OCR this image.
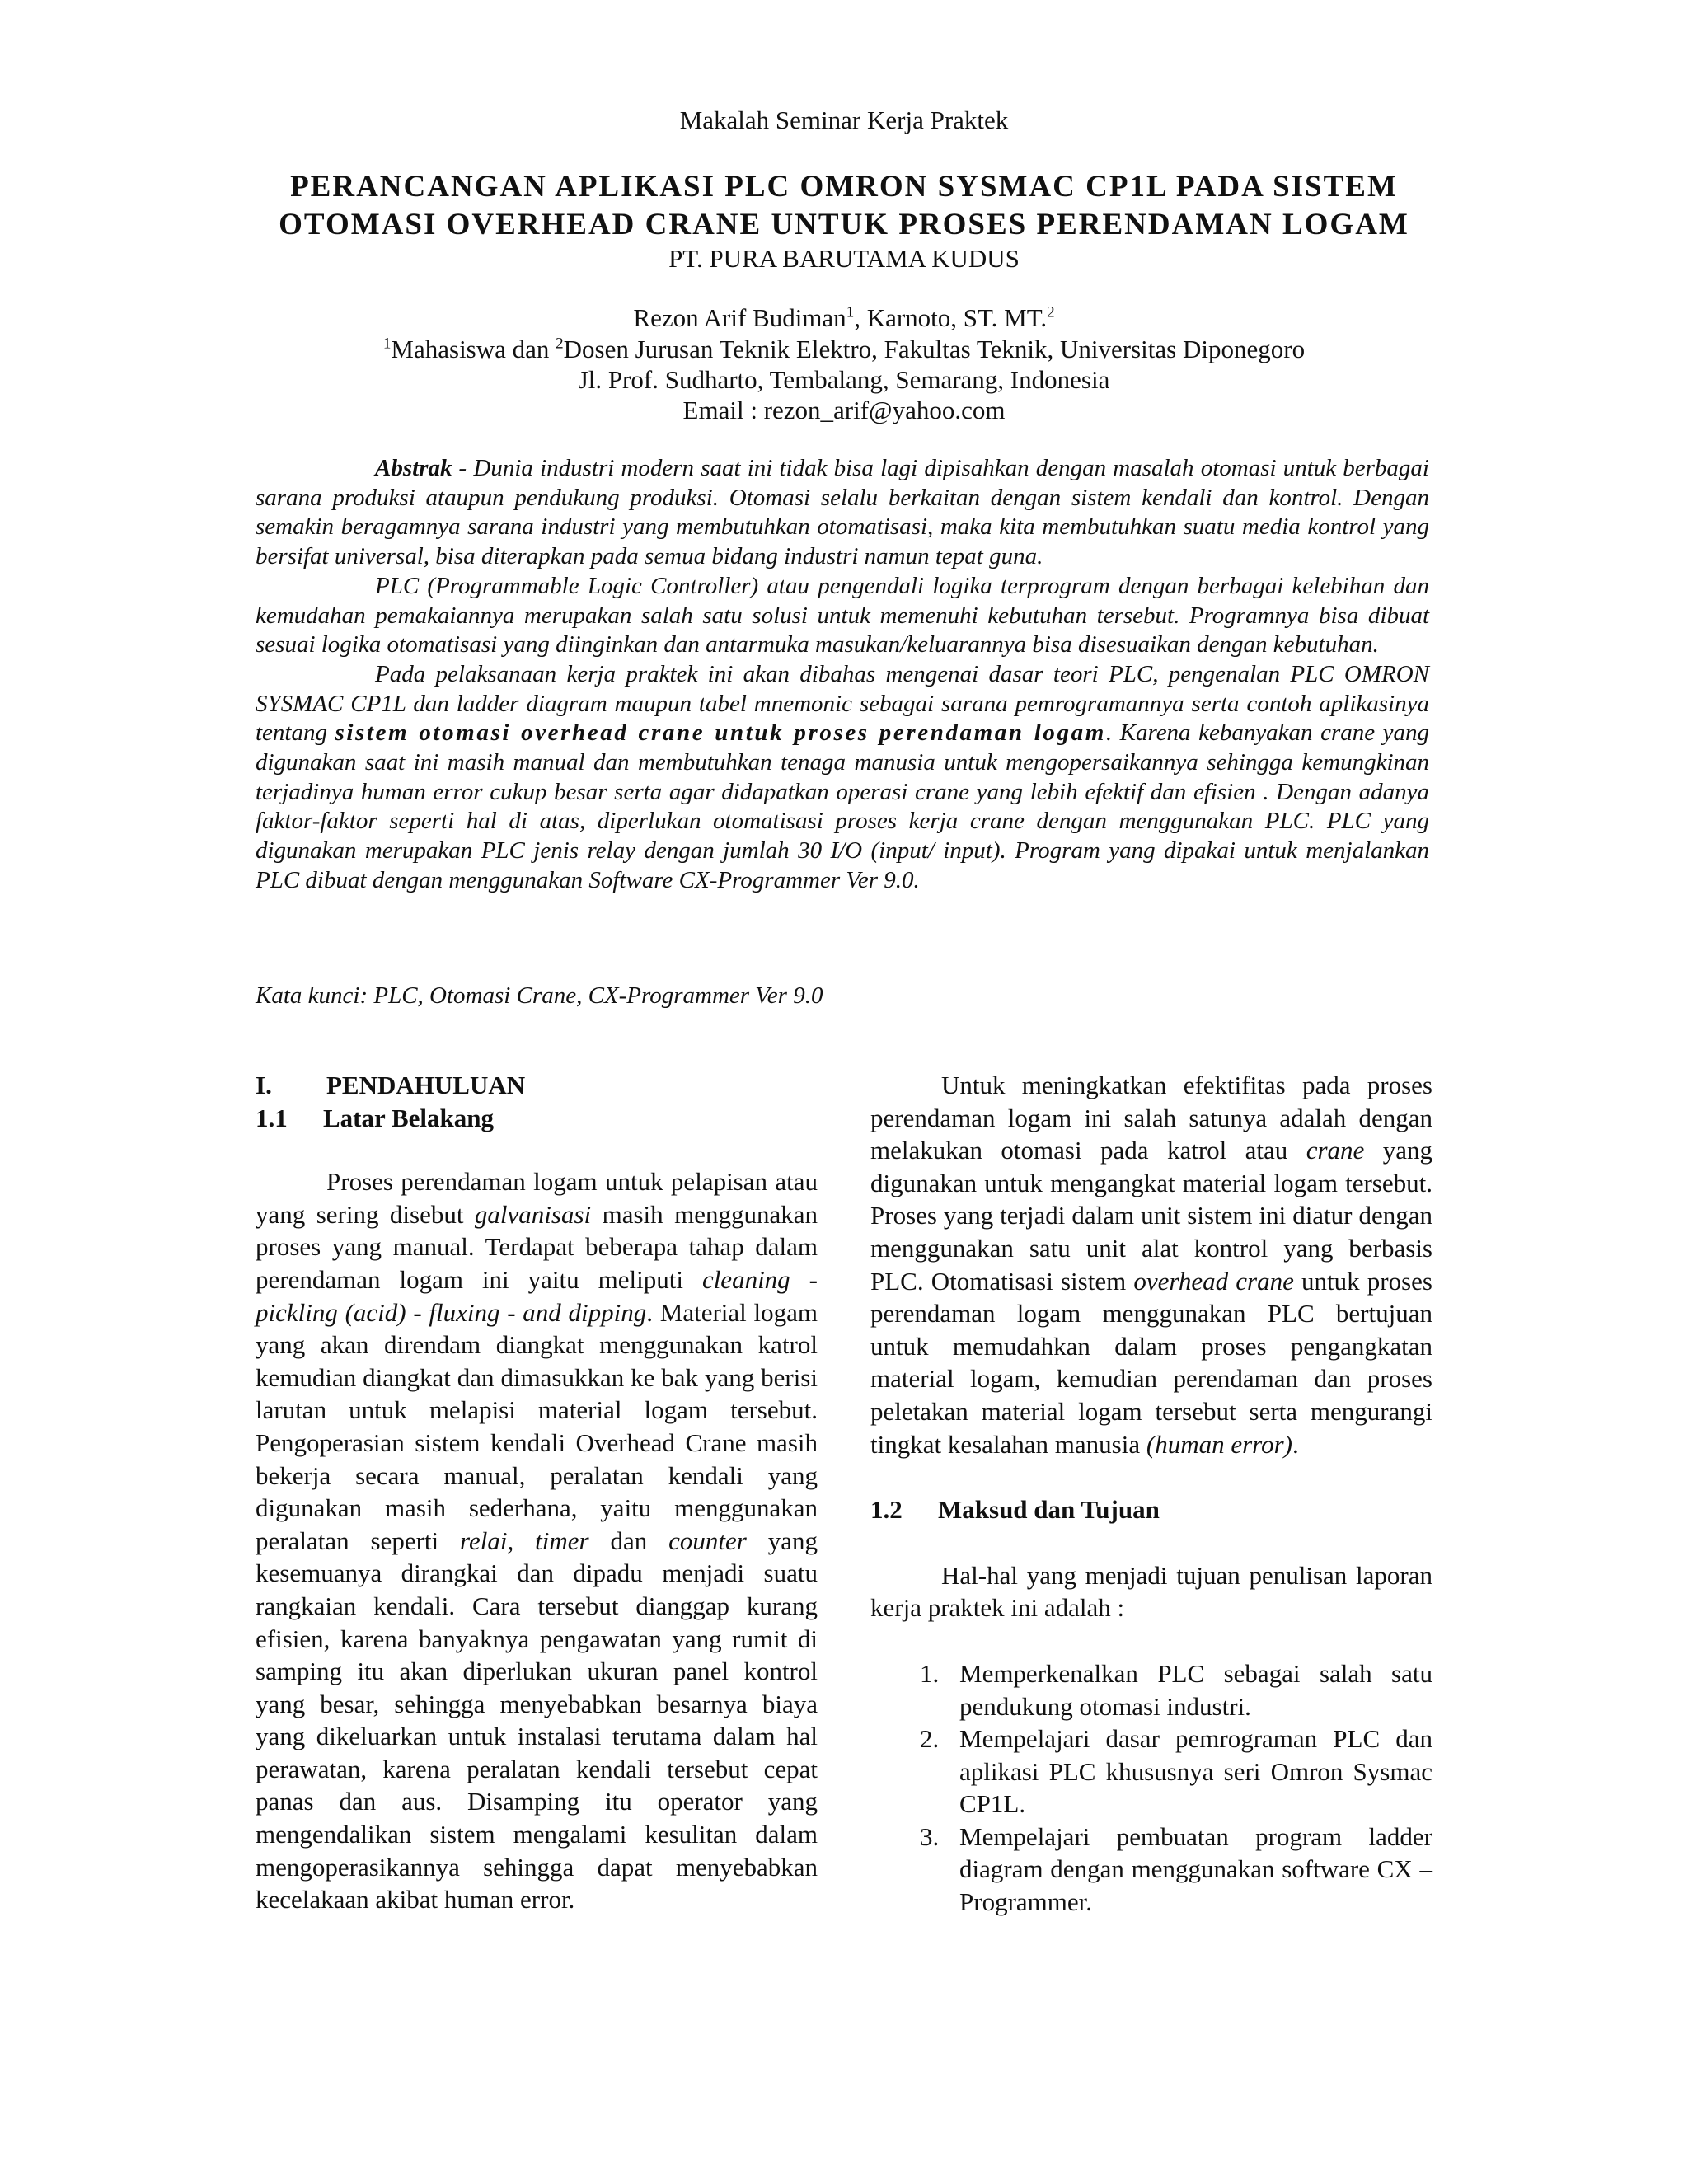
Makalah Seminar Kerja Praktek
PERANCANGAN APLIKASI PLC OMRON SYSMAC CP1L PADA SISTEM
OTOMASI OVERHEAD CRANE UNTUK PROSES PERENDAMAN LOGAM
PT. PURA BARUTAMA KUDUS
Rezon Arif Budiman$^1$, Karnoto, ST. MT.$^2$
$^1$Mahasiswa dan $^2$Dosen Jurusan Teknik Elektro, Fakultas Teknik, Universitas Diponegoro
Jl. Prof. Sudharto, Tembalang, Semarang, Indonesia
Email : rezon_arif@yahoo.com

Abstrak - Dunia industri modern saat ini tidak bisa lagi dipisahkan dengan masalah otomasi untuk berbagai sarana produksi ataupun pendukung produksi. Otomasi selalu berkaitan dengan sistem kendali dan kontrol. Dengan semakin beragamnya sarana industri yang membutuhkan otomatisasi, maka kita membutuhkan suatu media kontrol yang bersifat universal, bisa diterapkan pada semua bidang industri namun tepat guna.

PLC (Programmable Logic Controller) atau pengendali logika terprogram dengan berbagai kelebihan dan kemudahan pemakaiannya merupakan salah satu solusi untuk memenuhi kebutuhan tersebut. Programnya bisa dibuat sesuai logika otomatisasi yang diinginkan dan antarmuka masukan/keluarannya bisa disesuaikan dengan kebutuhan.

Pada pelaksanaan kerja praktek ini akan dibahas mengenai dasar teori PLC, pengenalan PLC OMRON SYSMAC CP1L dan ladder diagram maupun tabel mnemonic sebagai sarana pemrogramannya serta contoh aplikasinya tentang sistem otomasi overhead crane untuk proses perendaman logam. Karena kebanyakan crane yang digunakan saat ini masih manual dan membutuhkan tenaga manusia untuk mengopersaikannya sehingga kemungkinan terjadinya human error cukup besar serta agar didapatkan operasi crane yang lebih efektif dan efisien . Dengan adanya faktor-faktor seperti hal di atas, diperlukan otomatisasi proses kerja crane dengan menggunakan PLC. PLC yang digunakan merupakan PLC jenis relay dengan jumlah 30 I/O (input/ input). Program yang dipakai untuk menjalankan PLC dibuat dengan menggunakan Software CX-Programmer Ver 9.0.

Kata kunci: PLC, Otomasi Crane, CX-Programmer Ver 9.0
I. PENDAHULUAN
1.1 Latar Belakang

Proses perendaman logam untuk pelapisan atau yang sering disebut galvanisasi masih menggunakan proses yang manual. Terdapat beberapa tahap dalam perendaman logam ini yaitu meliputi cleaning - pickling (acid) - fluxing - and dipping. Material logam yang akan direndam diangkat menggunakan katrol kemudian diangkat dan dimasukkan ke bak yang berisi larutan untuk melapisi material logam tersebut. Pengoperasian sistem kendali Overhead Crane masih bekerja secara manual, peralatan kendali yang digunakan masih sederhana, yaitu menggunakan peralatan seperti relai, timer dan counter yang kesemuanya dirangkai dan dipadu menjadi suatu rangkaian kendali. Cara tersebut dianggap kurang efisien, karena banyaknya pengawatan yang rumit di samping itu akan diperlukan ukuran panel kontrol yang besar, sehingga menyebabkan besarnya biaya yang dikeluarkan untuk instalasi terutama dalam hal perawatan, karena peralatan kendali tersebut cepat panas dan aus. Disamping itu operator yang mengendalikan sistem mengalami kesulitan dalam mengoperasikannya sehingga dapat menyebabkan kecelakaan akibat human error.

Untuk meningkatkan efektifitas pada proses perendaman logam ini salah satunya adalah dengan melakukan otomasi pada katrol atau crane yang digunakan untuk mengangkat material logam tersebut. Proses yang terjadi dalam unit sistem ini diatur dengan menggunakan satu unit alat kontrol yang berbasis PLC. Otomatisasi sistem overhead crane untuk proses perendaman logam menggunakan PLC bertujuan untuk memudahkan dalam proses pengangkatan material logam, kemudian perendaman dan proses peletakan material logam tersebut serta mengurangi tingkat kesalahan manusia (human error).

1.2 Maksud dan Tujuan

Hal-hal yang menjadi tujuan penulisan laporan kerja praktek ini adalah :

1. Memperkenalkan PLC sebagai salah satu pendukung otomasi industri.
2. Mempelajari dasar pemrograman PLC dan aplikasi PLC khususnya seri Omron Sysmac CP1L.
3. Mempelajari pembuatan program ladder diagram dengan menggunakan software CX – Programmer.
